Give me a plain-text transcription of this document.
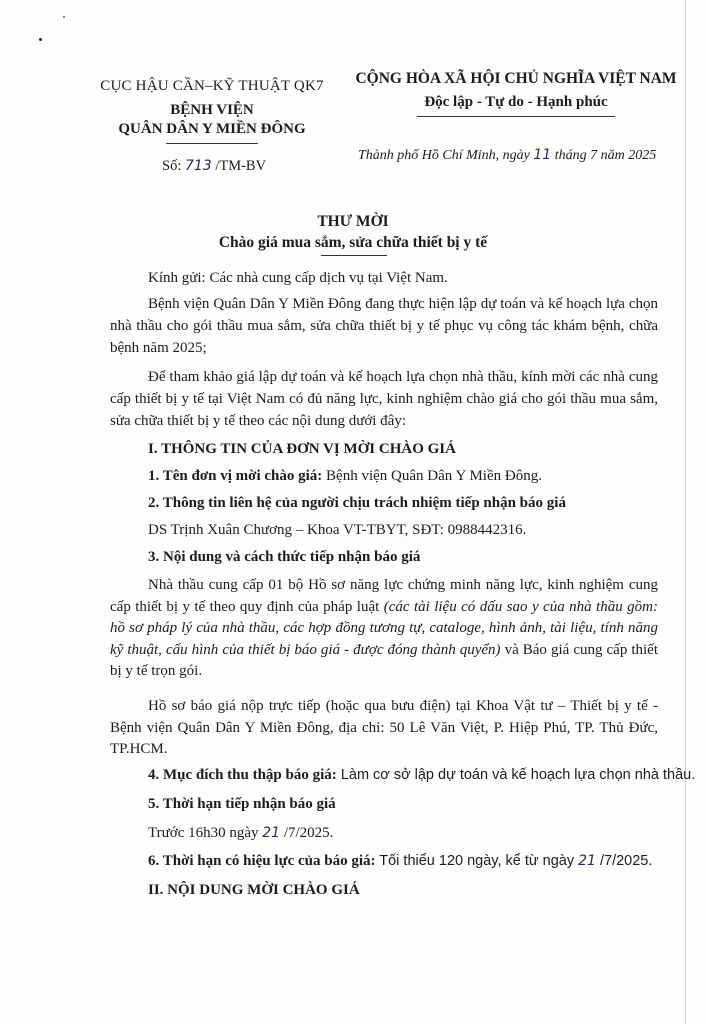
CỤC HẬU CẦN–KỸ THUẬT QK7
BỆNH VIỆN
QUÂN DÂN Y MIỀN ĐÔNG
CỘNG HÒA XÃ HỘI CHỦ NGHĨA VIỆT NAM
Độc lập - Tự do - Hạnh phúc
Số: 713 /TM-BV
Thành phố Hồ Chí Minh, ngày 11 tháng 7 năm 2025
THƯ MỜI
Chào giá mua sắm, sửa chữa thiết bị y tế
Kính gửi: Các nhà cung cấp dịch vụ tại Việt Nam.
Bệnh viện Quân Dân Y Miền Đông đang thực hiện lập dự toán và kế hoạch lựa chọn nhà thầu cho gói thầu mua sắm, sửa chữa thiết bị y tế phục vụ công tác khám bệnh, chữa bệnh năm 2025;
Để tham khảo giá lập dự toán và kế hoạch lựa chọn nhà thầu, kính mời các nhà cung cấp thiết bị y tế tại Việt Nam có đủ năng lực, kinh nghiệm chào giá cho gói thầu mua sắm, sửa chữa thiết bị y tế theo các nội dung dưới đây:
I. THÔNG TIN CỦA ĐƠN VỊ MỜI CHÀO GIÁ
1. Tên đơn vị mời chào giá: Bệnh viện Quân Dân Y Miền Đông.
2. Thông tin liên hệ của người chịu trách nhiệm tiếp nhận báo giá
DS Trịnh Xuân Chương – Khoa VT-TBYT, SĐT: 0988442316.
3. Nội dung và cách thức tiếp nhận báo giá
Nhà thầu cung cấp 01 bộ Hồ sơ năng lực chứng minh năng lực, kinh nghiệm cung cấp thiết bị y tế theo quy định của pháp luật (các tài liệu có dấu sao y của nhà thầu gồm: hồ sơ pháp lý của nhà thầu, các hợp đồng tương tự, cataloge, hình ảnh, tài liệu, tính năng kỹ thuật, cấu hình của thiết bị báo giá - được đóng thành quyển) và Báo giá cung cấp thiết bị y tế trọn gói.
Hồ sơ báo giá nộp trực tiếp (hoặc qua bưu điện) tại Khoa Vật tư – Thiết bị y tế - Bệnh viện Quân Dân Y Miền Đông, địa chỉ: 50 Lê Văn Việt, P. Hiệp Phú, TP. Thủ Đức, TP.HCM.
4. Mục đích thu thập báo giá: Làm cơ sở lập dự toán và kế hoạch lựa chọn nhà thầu.
5. Thời hạn tiếp nhận báo giá
Trước 16h30 ngày 21 /7/2025.
6. Thời hạn có hiệu lực của báo giá: Tối thiểu 120 ngày, kể từ ngày 21 /7/2025.
II. NỘI DUNG MỜI CHÀO GIÁ
